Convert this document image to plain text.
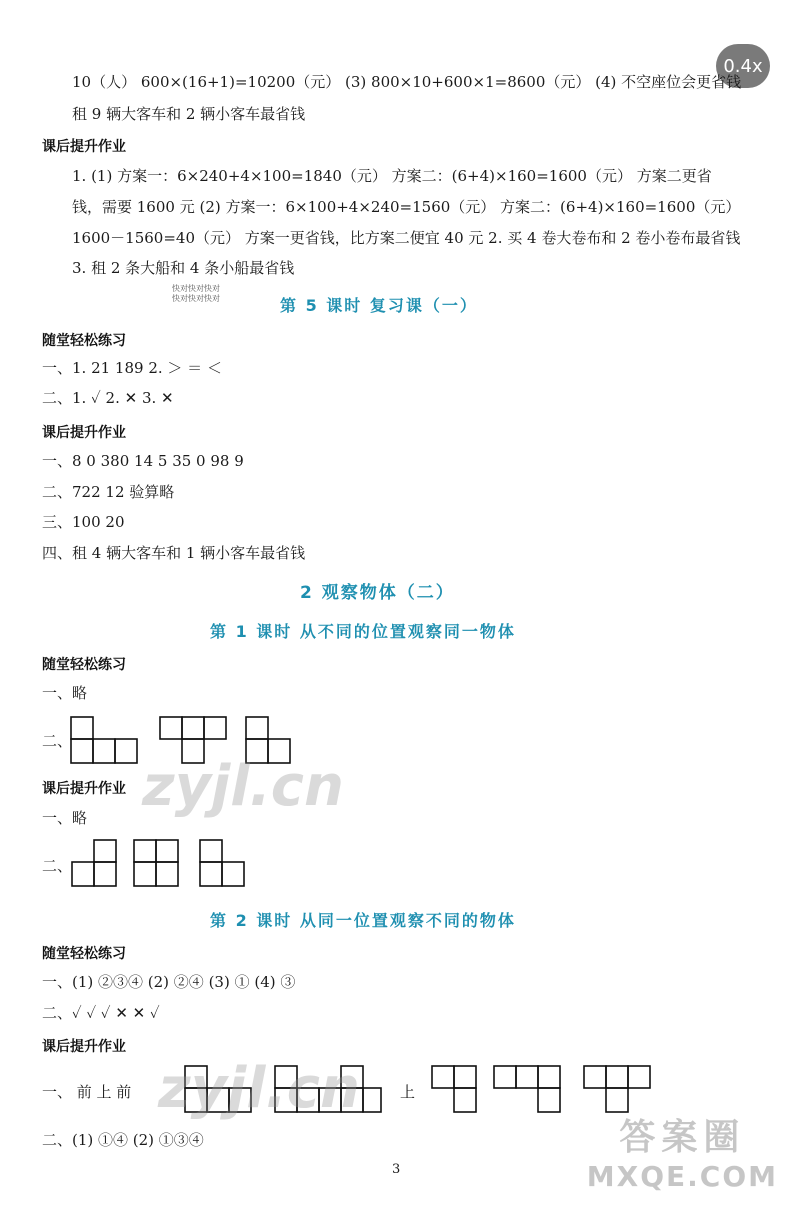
0.4x
10（人） 600×(16+1)=10200（元） (3) 800×10+600×1=8600（元） (4) 不空座位会更省钱
租 9 辆大客车和 2 辆小客车最省钱
课后提升作业
1. (1) 方案一：6×240+4×100=1840（元） 方案二：(6+4)×160=1600（元） 方案二更省
钱，需要 1600 元 (2) 方案一：6×100+4×240=1560（元） 方案二：(6+4)×160=1600（元）
1600－1560=40（元） 方案一更省钱，比方案二便宜 40 元 2. 买 4 卷大卷布和 2 卷小卷布最省钱
3. 租 2 条大船和 4 条小船最省钱
快对快对快对
快对快对快对	第 5 课时 复习课（一）
随堂轻松练习
一、1. 21 189 2. ＞ ＝ ＜
二、1. ✓ 2. ✕ 3. ✕
课后提升作业
一、8 0 380 14 5 35 0 98 9
二、722 12 验算略
三、100 20
四、租 4 辆大客车和 1 辆小客车最省钱
2 观察物体（二）
第 1 课时 从不同的位置观察同一物体
随堂轻松练习
一、略
二、
zyjl.cn
课后提升作业
一、略
二、
第 2 课时 从同一位置观察不同的物体
随堂轻松练习
一、(1) ②③④ (2) ②④ (3) ① (4) ③
二、✓ ✓ ✓ ✕ ✕ ✓
课后提升作业
一、 前 上 前	上
zyjl.cn
二、(1) ①④ (2) ①③④
3
答案圈
MXQE.COM
